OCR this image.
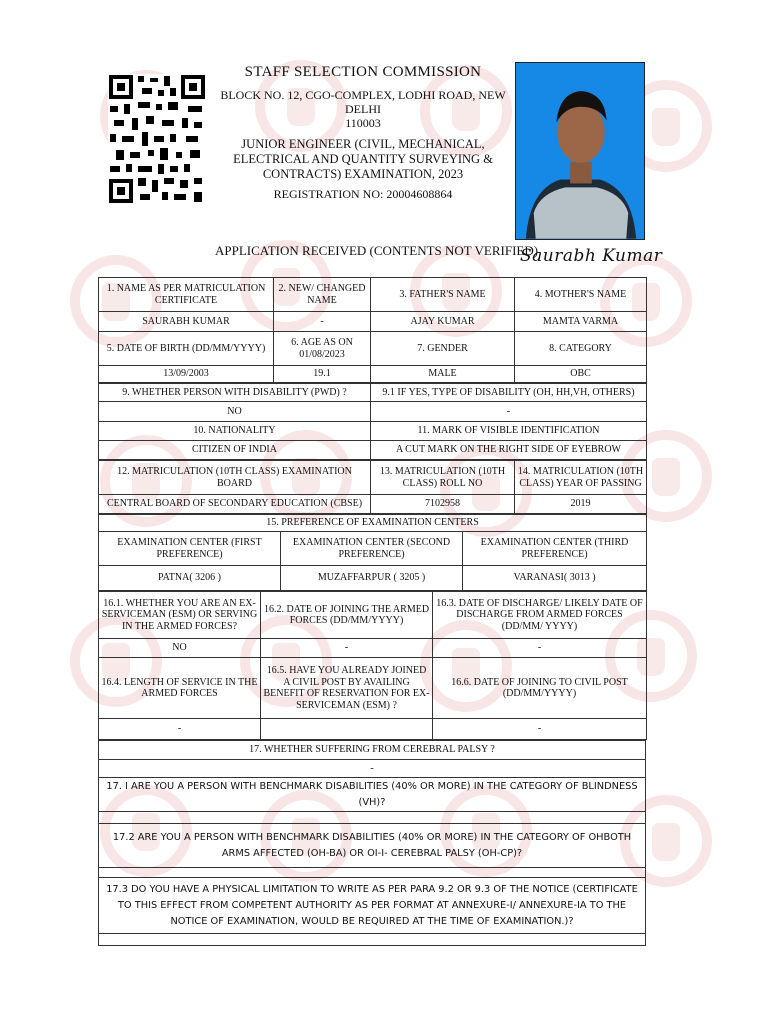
STAFF SELECTION COMMISSION
BLOCK NO. 12, CGO-COMPLEX, LODHI ROAD, NEW DELHI
110003
JUNIOR ENGINEER (CIVIL, MECHANICAL, ELECTRICAL AND QUANTITY SURVEYING & CONTRACTS) EXAMINATION, 2023
REGISTRATION NO: 20004608864
APPLICATION RECEIVED (CONTENTS NOT VERIFIED)
Saurabh Kumar
1. NAME AS PER MATRICULATION CERTIFICATE	2. NEW/ CHANGED NAME	3. FATHER'S NAME	4. MOTHER'S NAME
SAURABH KUMAR	-	AJAY KUMAR	MAMTA VARMA
5. DATE OF BIRTH (DD/MM/YYYY)	6. AGE AS ON 01/08/2023	7. GENDER	8. CATEGORY
13/09/2003	19.1	MALE	OBC
9. WHETHER PERSON WITH DISABILITY (PWD) ?	9.1 IF YES, TYPE OF DISABILITY (OH, HH,VH, OTHERS)
NO	-
10. NATIONALITY	11. MARK OF VISIBLE IDENTIFICATION
CITIZEN OF INDIA	A CUT MARK ON THE RIGHT SIDE OF EYEBROW
12. MATRICULATION (10TH CLASS) EXAMINATION BOARD	13. MATRICULATION (10TH CLASS) ROLL NO	14. MATRICULATION (10TH CLASS) YEAR OF PASSING
CENTRAL BOARD OF SECONDARY EDUCATION (CBSE)	7102958	2019
15. PREFERENCE OF EXAMINATION CENTERS		
EXAMINATION CENTER (FIRST PREFERENCE)	EXAMINATION CENTER (SECOND PREFERENCE)	EXAMINATION CENTER (THIRD PREFERENCE)
PATNA( 3206 )	MUZAFFARPUR ( 3205 )	VARANASI( 3013 )
16.1. WHETHER YOU ARE AN EX-SERVICEMAN (ESM) OR SERVING IN THE ARMED FORCES?	16.2. DATE OF JOINING THE ARMED FORCES (DD/MM/YYYY)	16.3. DATE OF DISCHARGE/ LIKELY DATE OF DISCHARGE FROM ARMED FORCES (DD/MM/ YYYY)
NO	-	-
16.4. LENGTH OF SERVICE IN THE ARMED FORCES	16.5. HAVE YOU ALREADY JOINED A CIVIL POST BY AVAILING BENEFIT OF RESERVATION FOR EX- SERVICEMAN (ESM) ?	16.6. DATE OF JOINING TO CIVIL POST (DD/MM/YYYY)
-		-
17. WHETHER SUFFERING FROM CEREBRAL PALSY ?
-
17. I ARE YOU A PERSON WITH BENCHMARK DISABILITIES (40% OR MORE) IN THE CATEGORY OF BLINDNESS (VH)?

17.2 ARE YOU A PERSON WITH BENCHMARK DISABILITIES (40% OR MORE) IN THE CATEGORY OF OHBOTH ARMS AFFECTED (OH-BA) OR OI-I- CEREBRAL PALSY (OH-CP)?

17.3 DO YOU HAVE A PHYSICAL LIMITATION TO WRITE AS PER PARA 9.2 OR 9.3 OF THE NOTICE (CERTIFICATE TO THIS EFFECT FROM COMPETENT AUTHORITY AS PER FORMAT AT ANNEXURE-I/ ANNEXURE-IA TO THE NOTICE OF EXAMINATION, WOULD BE REQUIRED AT THE TIME OF EXAMINATION.)?
